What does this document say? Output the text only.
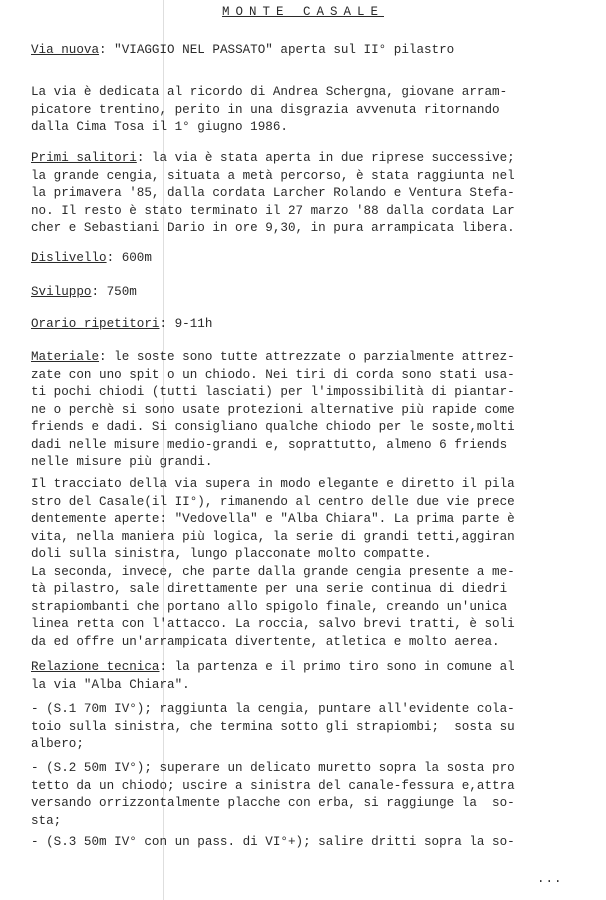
MONTE CASALE
Via nuova: "VIAGGIO NEL PASSATO" aperta sul II° pilastro
La via è dedicata al ricordo di Andrea Schergna, giovane arram-
picatore trentino, perito in una disgrazia avvenuta ritornando
dalla Cima Tosa il 1° giugno 1986.
Primi salitori: la via è stata aperta in due riprese successive;
la grande cengia, situata a metà percorso, è stata raggiunta nel
la primavera '85, dalla cordata Larcher Rolando e Ventura Stefa-
no. Il resto è stato terminato il 27 marzo '88 dalla cordata Lar
cher e Sebastiani Dario in ore 9,30, in pura arrampicata libera.
Dislivello: 600m
Sviluppo: 750m
Orario ripetitori: 9-11h
Materiale: le soste sono tutte attrezzate o parzialmente attrez-
zate con uno spit o un chiodo. Nei tiri di corda sono stati usa-
ti pochi chiodi (tutti lasciati) per l'impossibilità di piantar-
ne o perchè si sono usate protezioni alternative più rapide come
friends e dadi. Si consigliano qualche chiodo per le soste,molti
dadi nelle misure medio-grandi e, soprattutto, almeno 6 friends
nelle misure più grandi.
Il tracciato della via supera in modo elegante e diretto il pila
stro del Casale(il II°), rimanendo al centro delle due vie prece
dentemente aperte: "Vedovella" e "Alba Chiara". La prima parte è
vita, nella maniera più logica, la serie di grandi tetti,aggiran
doli sulla sinistra, lungo placconate molto compatte.
La seconda, invece, che parte dalla grande cengia presente a me-
tà pilastro, sale direttamente per una serie continua di diedri
strapiombanti che portano allo spigolo finale, creando un'unica
linea retta con l'attacco. La roccia, salvo brevi tratti, è soli
da ed offre un'arrampicata divertente, atletica e molto aerea.
Relazione tecnica: la partenza e il primo tiro sono in comune al
la via "Alba Chiara".
- (S.1 70m IV°); raggiunta la cengia, puntare all'evidente cola-
toio sulla sinistra, che termina sotto gli strapiombi;  sosta su
albero;
- (S.2 50m IV°); superare un delicato muretto sopra la sosta pro
tetto da un chiodo; uscire a sinistra del canale-fessura e,attra
versando orrizzontalmente placche con erba, si raggiunge la  so-
sta;
- (S.3 50m IV° con un pass. di VI°+); salire dritti sopra la so-
...
